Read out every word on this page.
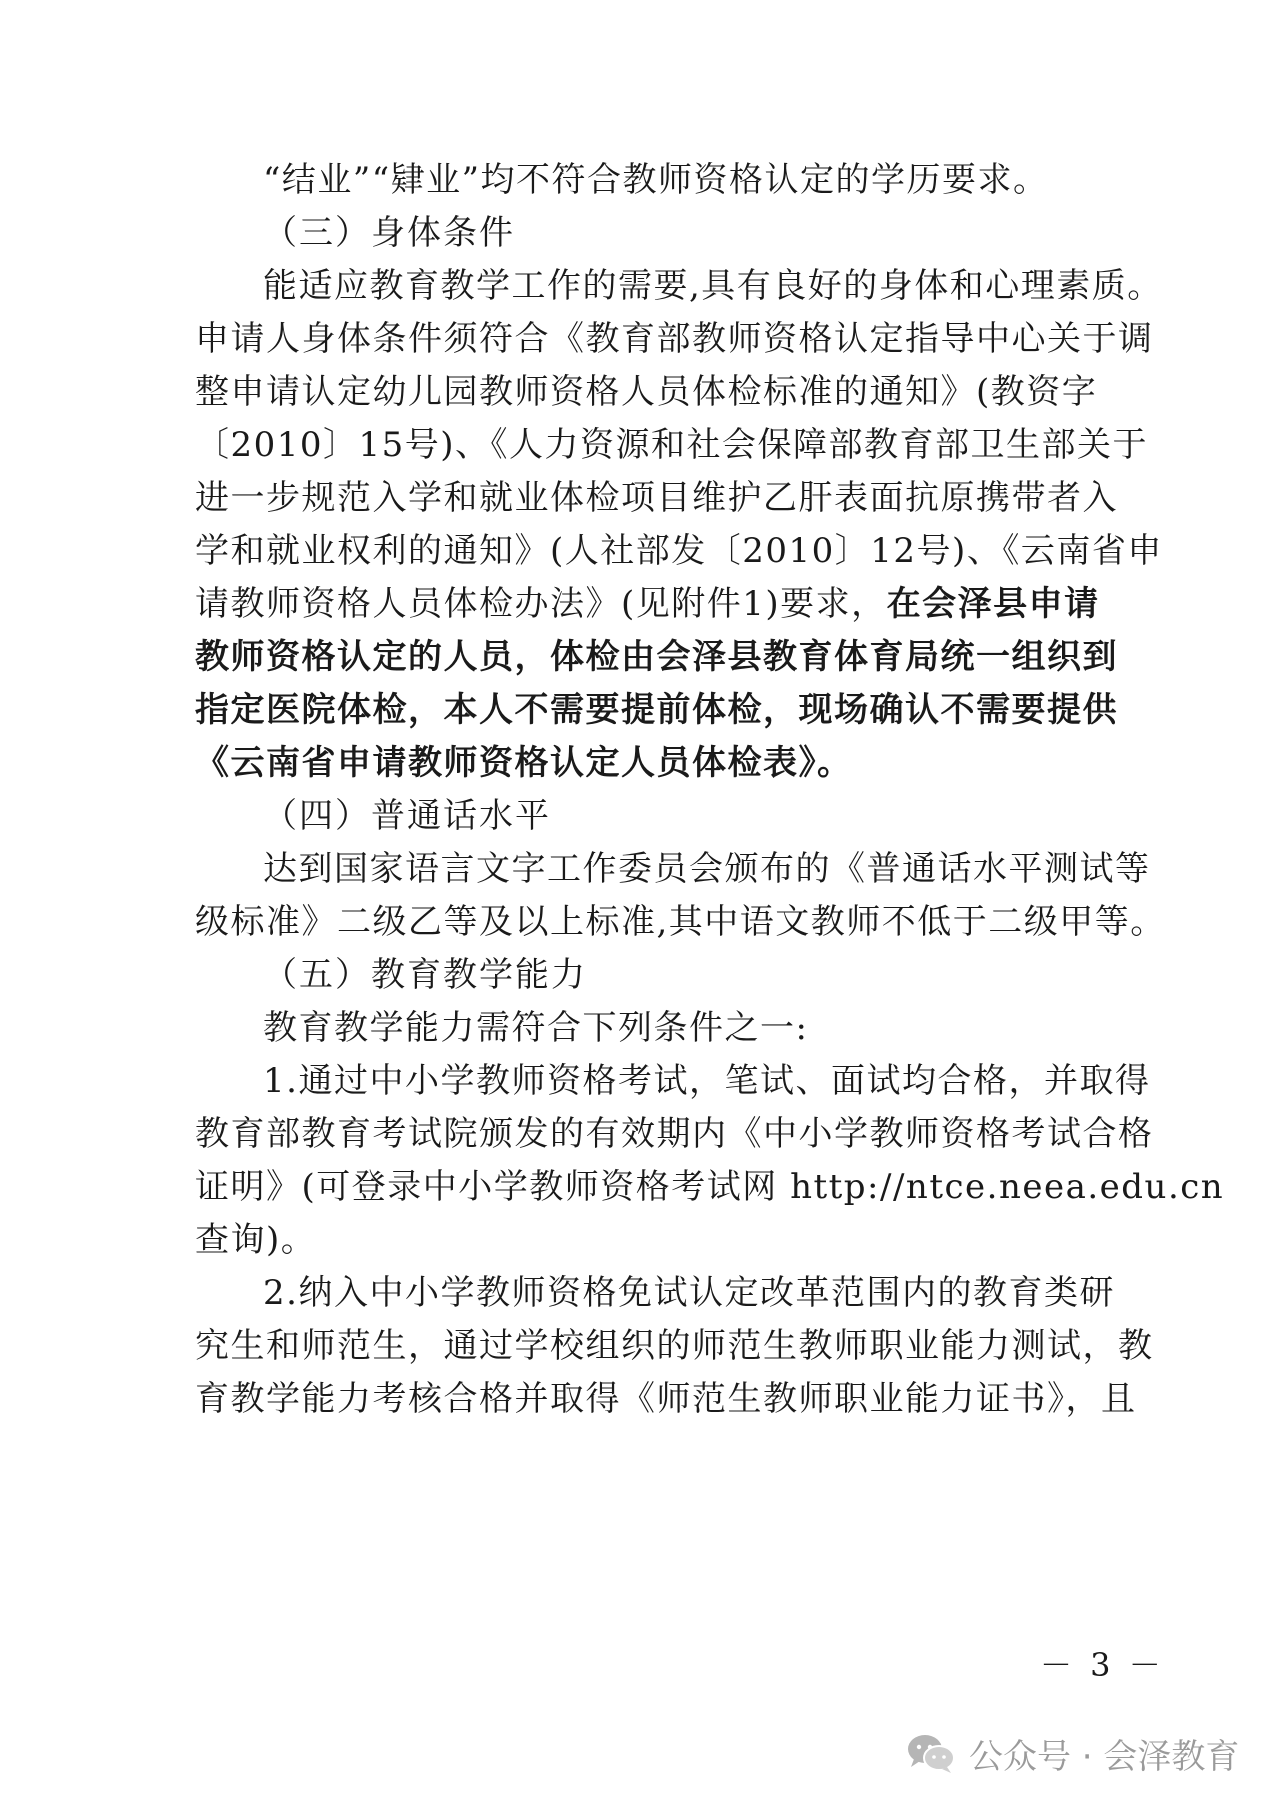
“结业”“肄业”均不符合教师资格认定的学历要求。
（三）身体条件
能适应教育教学工作的需要,具有良好的身体和心理素质。
申请人身体条件须符合《教育部教师资格认定指导中心关于调
整申请认定幼儿园教师资格人员体检标准的通知》(教资字
〔2010〕15号)、《人力资源和社会保障部教育部卫生部关于
进一步规范入学和就业体检项目维护乙肝表面抗原携带者入
学和就业权利的通知》(人社部发〔2010〕12号)、《云南省申
请教师资格人员体检办法》(见附件1)要求，在会泽县申请
教师资格认定的人员，体检由会泽县教育体育局统一组织到
指定医院体检，本人不需要提前体检，现场确认不需要提供
《云南省申请教师资格认定人员体检表》。
（四）普通话水平
达到国家语言文字工作委员会颁布的《普通话水平测试等
级标准》二级乙等及以上标准,其中语文教师不低于二级甲等。
（五）教育教学能力
教育教学能力需符合下列条件之一:
1.通过中小学教师资格考试，笔试、面试均合格，并取得
教育部教育考试院颁发的有效期内《中小学教师资格考试合格
证明》(可登录中小学教师资格考试网 http://ntce.neea.edu.cn
查询)。
2.纳入中小学教师资格免试认定改革范围内的教育类研
究生和师范生，通过学校组织的师范生教师职业能力测试，教
育教学能力考核合格并取得《师范生教师职业能力证书》，且
－ 3 －
公众号 · 会泽教育
